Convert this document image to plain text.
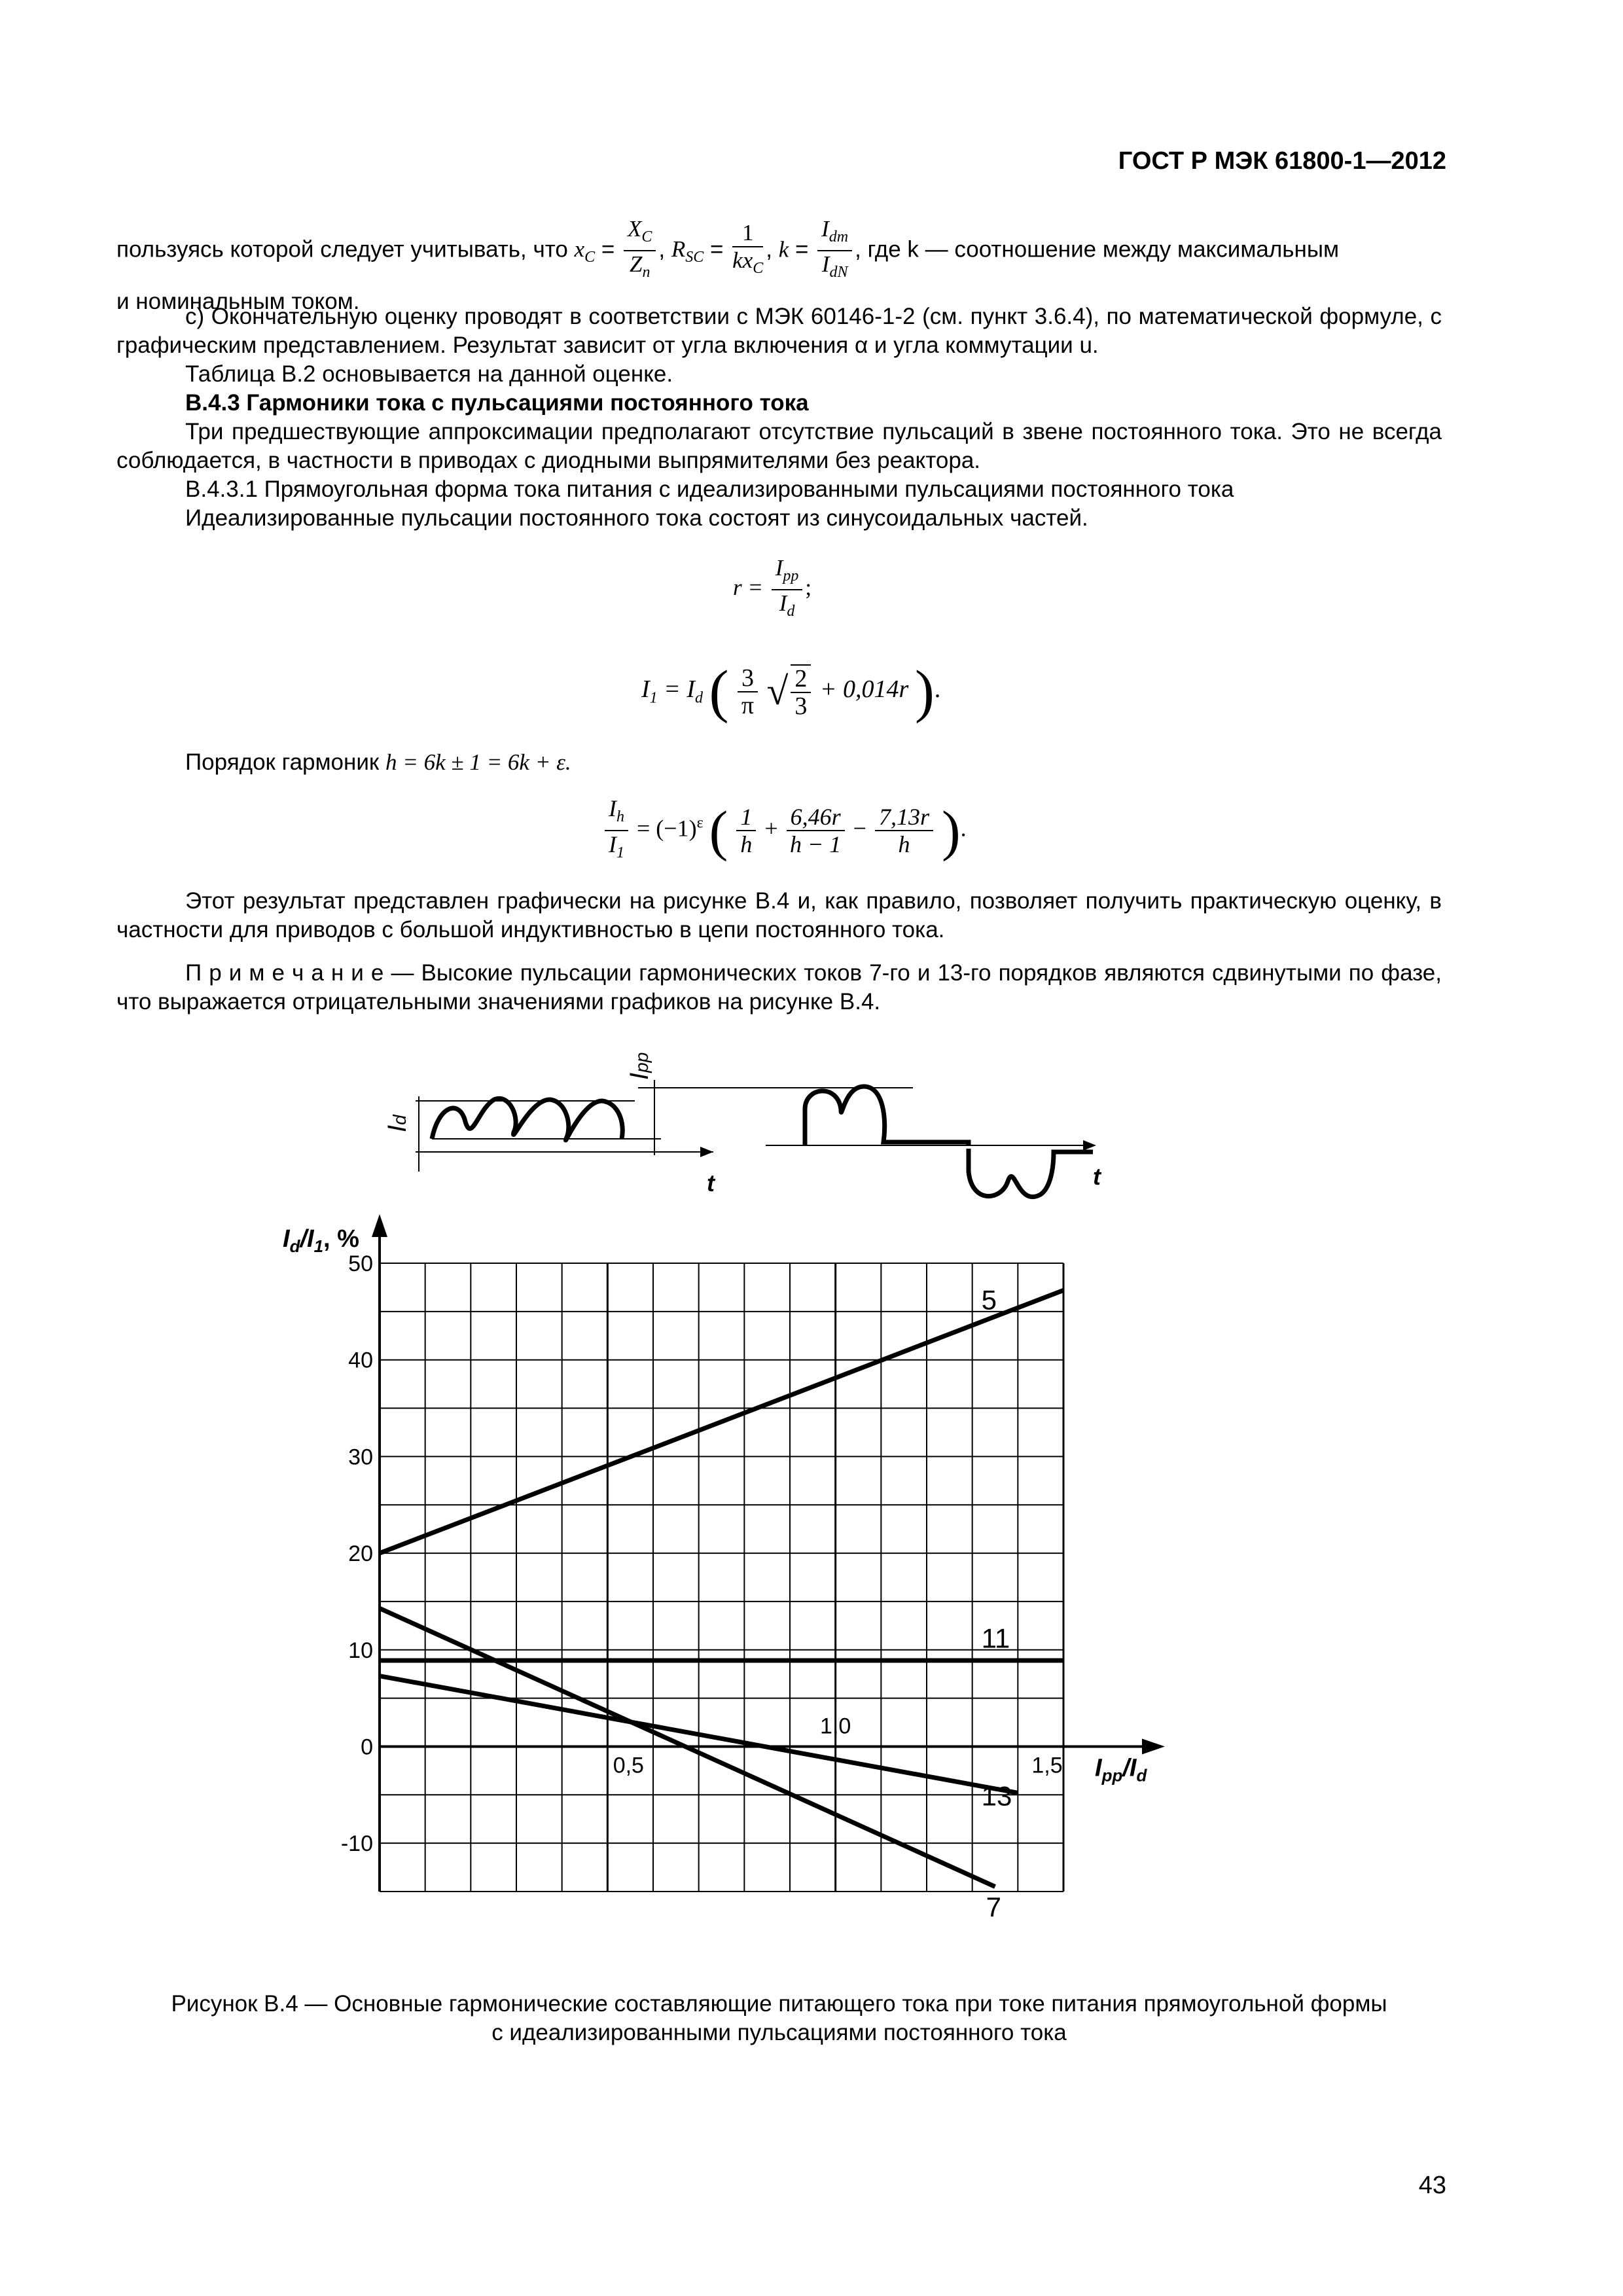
ГОСТ Р МЭК 61800-1—2012
пользуясь которой следует учитывать, что $x_C = \frac{X_C}{Z_n}$ , $R_{SC} = \frac{1}{kx_C}$ , $k = \frac{I_{dm}}{I_{dN}}$ , где k — соотношение между максимальным
и номинальным током.
с) Окончательную оценку проводят в соответствии с МЭК 60146-1-2 (см. пункт 3.6.4), по математической формуле, с графическим представлением. Результат зависит от угла включения α и угла коммутации u.
Таблица В.2 основывается на данной оценке.
В.4.3 Гармоники тока с пульсациями постоянного тока
Три предшествующие аппроксимации предполагают отсутствие пульсаций в звене постоянного тока. Это не всегда соблюдается, в частности в приводах с диодными выпрямителями без реактора.
В.4.3.1 Прямоугольная форма тока питания с идеализированными пульсациями постоянного тока
Идеализированные пульсации постоянного тока состоят из синусоидальных частей.
$r = \frac{I_{pp}}{I_d}$ ;
$I_1 = I_d$ ( $\frac{3}{\pi}$ √ $\frac{2}{3} + 0,014r$ ).
Порядок гармоник h = 6k ± 1 = 6k + ε.
$\frac{I_h}{I_1} = (-1)^\varepsilon$ ( $\frac{1}{h} + \frac{6,46r}{h - 1} - \frac{7,13r}{h}$ ).
Этот результат представлен графически на рисунке В.4 и, как правило, позволяет получить практическую оценку, в частности для приводов с большой индуктивностью в цепи постоянного тока.
П р и м е ч а н и е — Высокие пульсации гармонических токов 7-го и 13-го порядков являются сдвинутыми по фазе, что выражается отрицательными значениями графиков на рисунке В.4.
Id
Ipp
t	t
50
40
30
20
10
0
-10
0,5
1,0
1,5
$I_d/I_1$, %
$I_{pp}/I_d$
5
11
13
7
Рисунок В.4 — Основные гармонические составляющие питающего тока при токе питания прямоугольной формы
с идеализированными пульсациями постоянного тока
43
